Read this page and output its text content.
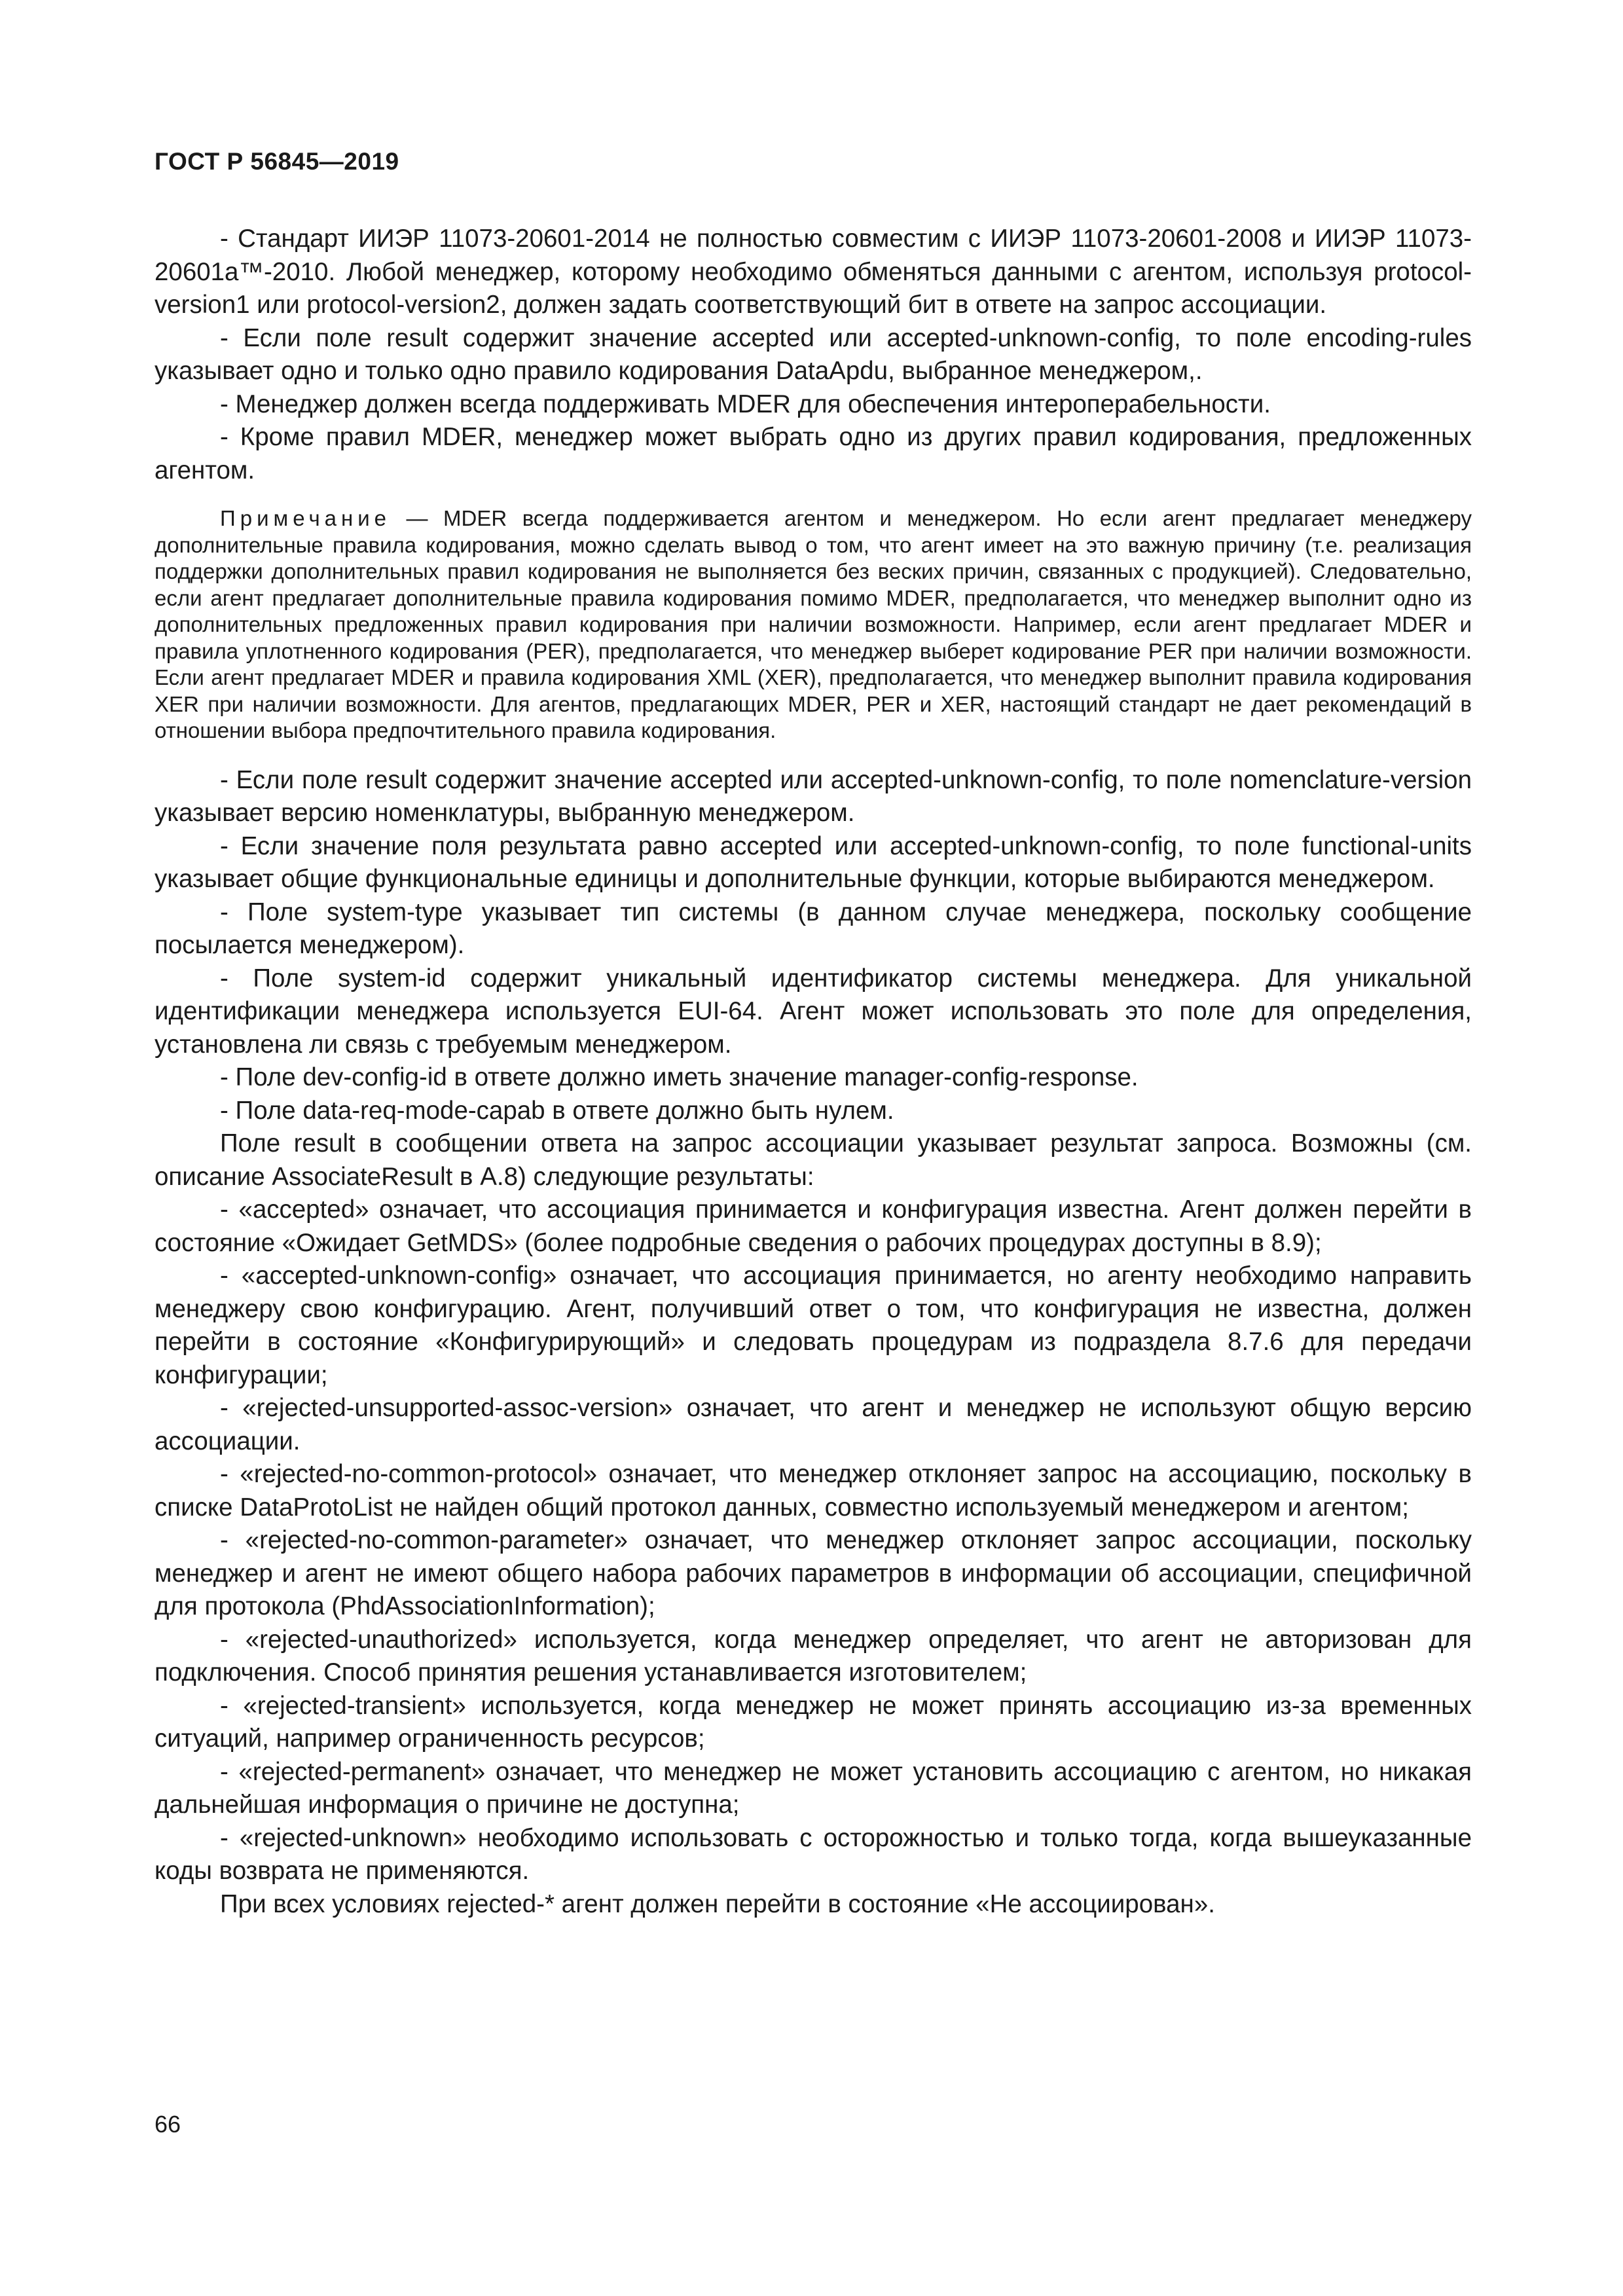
ГОСТ Р 56845—2019

- Стандарт ИИЭР 11073-20601-2014 не полностью совместим с ИИЭР 11073-20601-2008 и ИИЭР 11073-20601a™-2010. Любой менеджер, которому необходимо обменяться данными с агентом, используя protocol-version1 или protocol-version2, должен задать соответствующий бит в ответе на запрос ассоциации.

- Если поле result содержит значение accepted или accepted-unknown-config, то поле encoding-rules указывает одно и только одно правило кодирования DataApdu, выбранное менеджером,.

- Менеджер должен всегда поддерживать MDER для обеспечения интероперабельности.

- Кроме правил MDER, менеджер может выбрать одно из других правил кодирования, предложенных агентом.

Примечание — MDER всегда поддерживается агентом и менеджером. Но если агент предлагает менеджеру дополнительные правила кодирования, можно сделать вывод о том, что агент имеет на это важную причину (т.е. реализация поддержки дополнительных правил кодирования не выполняется без веских причин, связанных с продукцией). Следовательно, если агент предлагает дополнительные правила кодирования помимо MDER, предполагается, что менеджер выполнит одно из дополнительных предложенных правил кодирования при наличии возможности. Например, если агент предлагает MDER и правила уплотненного кодирования (PER), предполагается, что менеджер выберет кодирование PER при наличии возможности. Если агент предлагает MDER и правила кодирования XML (XER), предполагается, что менеджер выполнит правила кодирования XER при наличии возможности. Для агентов, предлагающих MDER, PER и XER, настоящий стандарт не дает рекомендаций в отношении выбора предпочтительного правила кодирования.

- Если поле result содержит значение accepted или accepted-unknown-config, то поле nomenclature-version указывает версию номенклатуры, выбранную менеджером.

- Если значение поля результата равно accepted или accepted-unknown-config, то поле functional-units указывает общие функциональные единицы и дополнительные функции, которые выбираются менеджером.

- Поле system-type указывает тип системы (в данном случае менеджера, поскольку сообщение посылается менеджером).

- Поле system-id содержит уникальный идентификатор системы менеджера. Для уникальной идентификации менеджера используется EUI-64. Агент может использовать это поле для определения, установлена ли связь с требуемым менеджером.

- Поле dev-config-id в ответе должно иметь значение manager-config-response.

- Поле data-req-mode-capab в ответе должно быть нулем.

Поле result в сообщении ответа на запрос ассоциации указывает результат запроса. Возможны (см. описание AssociateResult в А.8) следующие результаты:

- «accepted» означает, что ассоциация принимается и конфигурация известна. Агент должен перейти в состояние «Ожидает GetMDS» (более подробные сведения о рабочих процедурах доступны в 8.9);

- «accepted-unknown-config» означает, что ассоциация принимается, но агенту необходимо направить менеджеру свою конфигурацию. Агент, получивший ответ о том, что конфигурация не известна, должен перейти в состояние «Конфигурирующий» и следовать процедурам из подраздела 8.7.6 для передачи конфигурации;

- «rejected-unsupported-assoc-version» означает, что агент и менеджер не используют общую версию ассоциации.

- «rejected-no-common-protocol» означает, что менеджер отклоняет запрос на ассоциацию, поскольку в списке DataProtoList не найден общий протокол данных, совместно используемый менеджером и агентом;

- «rejected-no-common-parameter» означает, что менеджер отклоняет запрос ассоциации, поскольку менеджер и агент не имеют общего набора рабочих параметров в информации об ассоциации, специфичной для протокола (PhdAssociationInformation);

- «rejected-unauthorized» используется, когда менеджер определяет, что агент не авторизован для подключения. Способ принятия решения устанавливается изготовителем;

- «rejected-transient» используется, когда менеджер не может принять ассоциацию из-за временных ситуаций, например ограниченность ресурсов;

- «rejected-permanent» означает, что менеджер не может установить ассоциацию с агентом, но никакая дальнейшая информация о причине не доступна;

- «rejected-unknown» необходимо использовать с осторожностью и только тогда, когда вышеуказанные коды возврата не применяются.

При всех условиях rejected-* агент должен перейти в состояние «Не ассоциирован».

66
